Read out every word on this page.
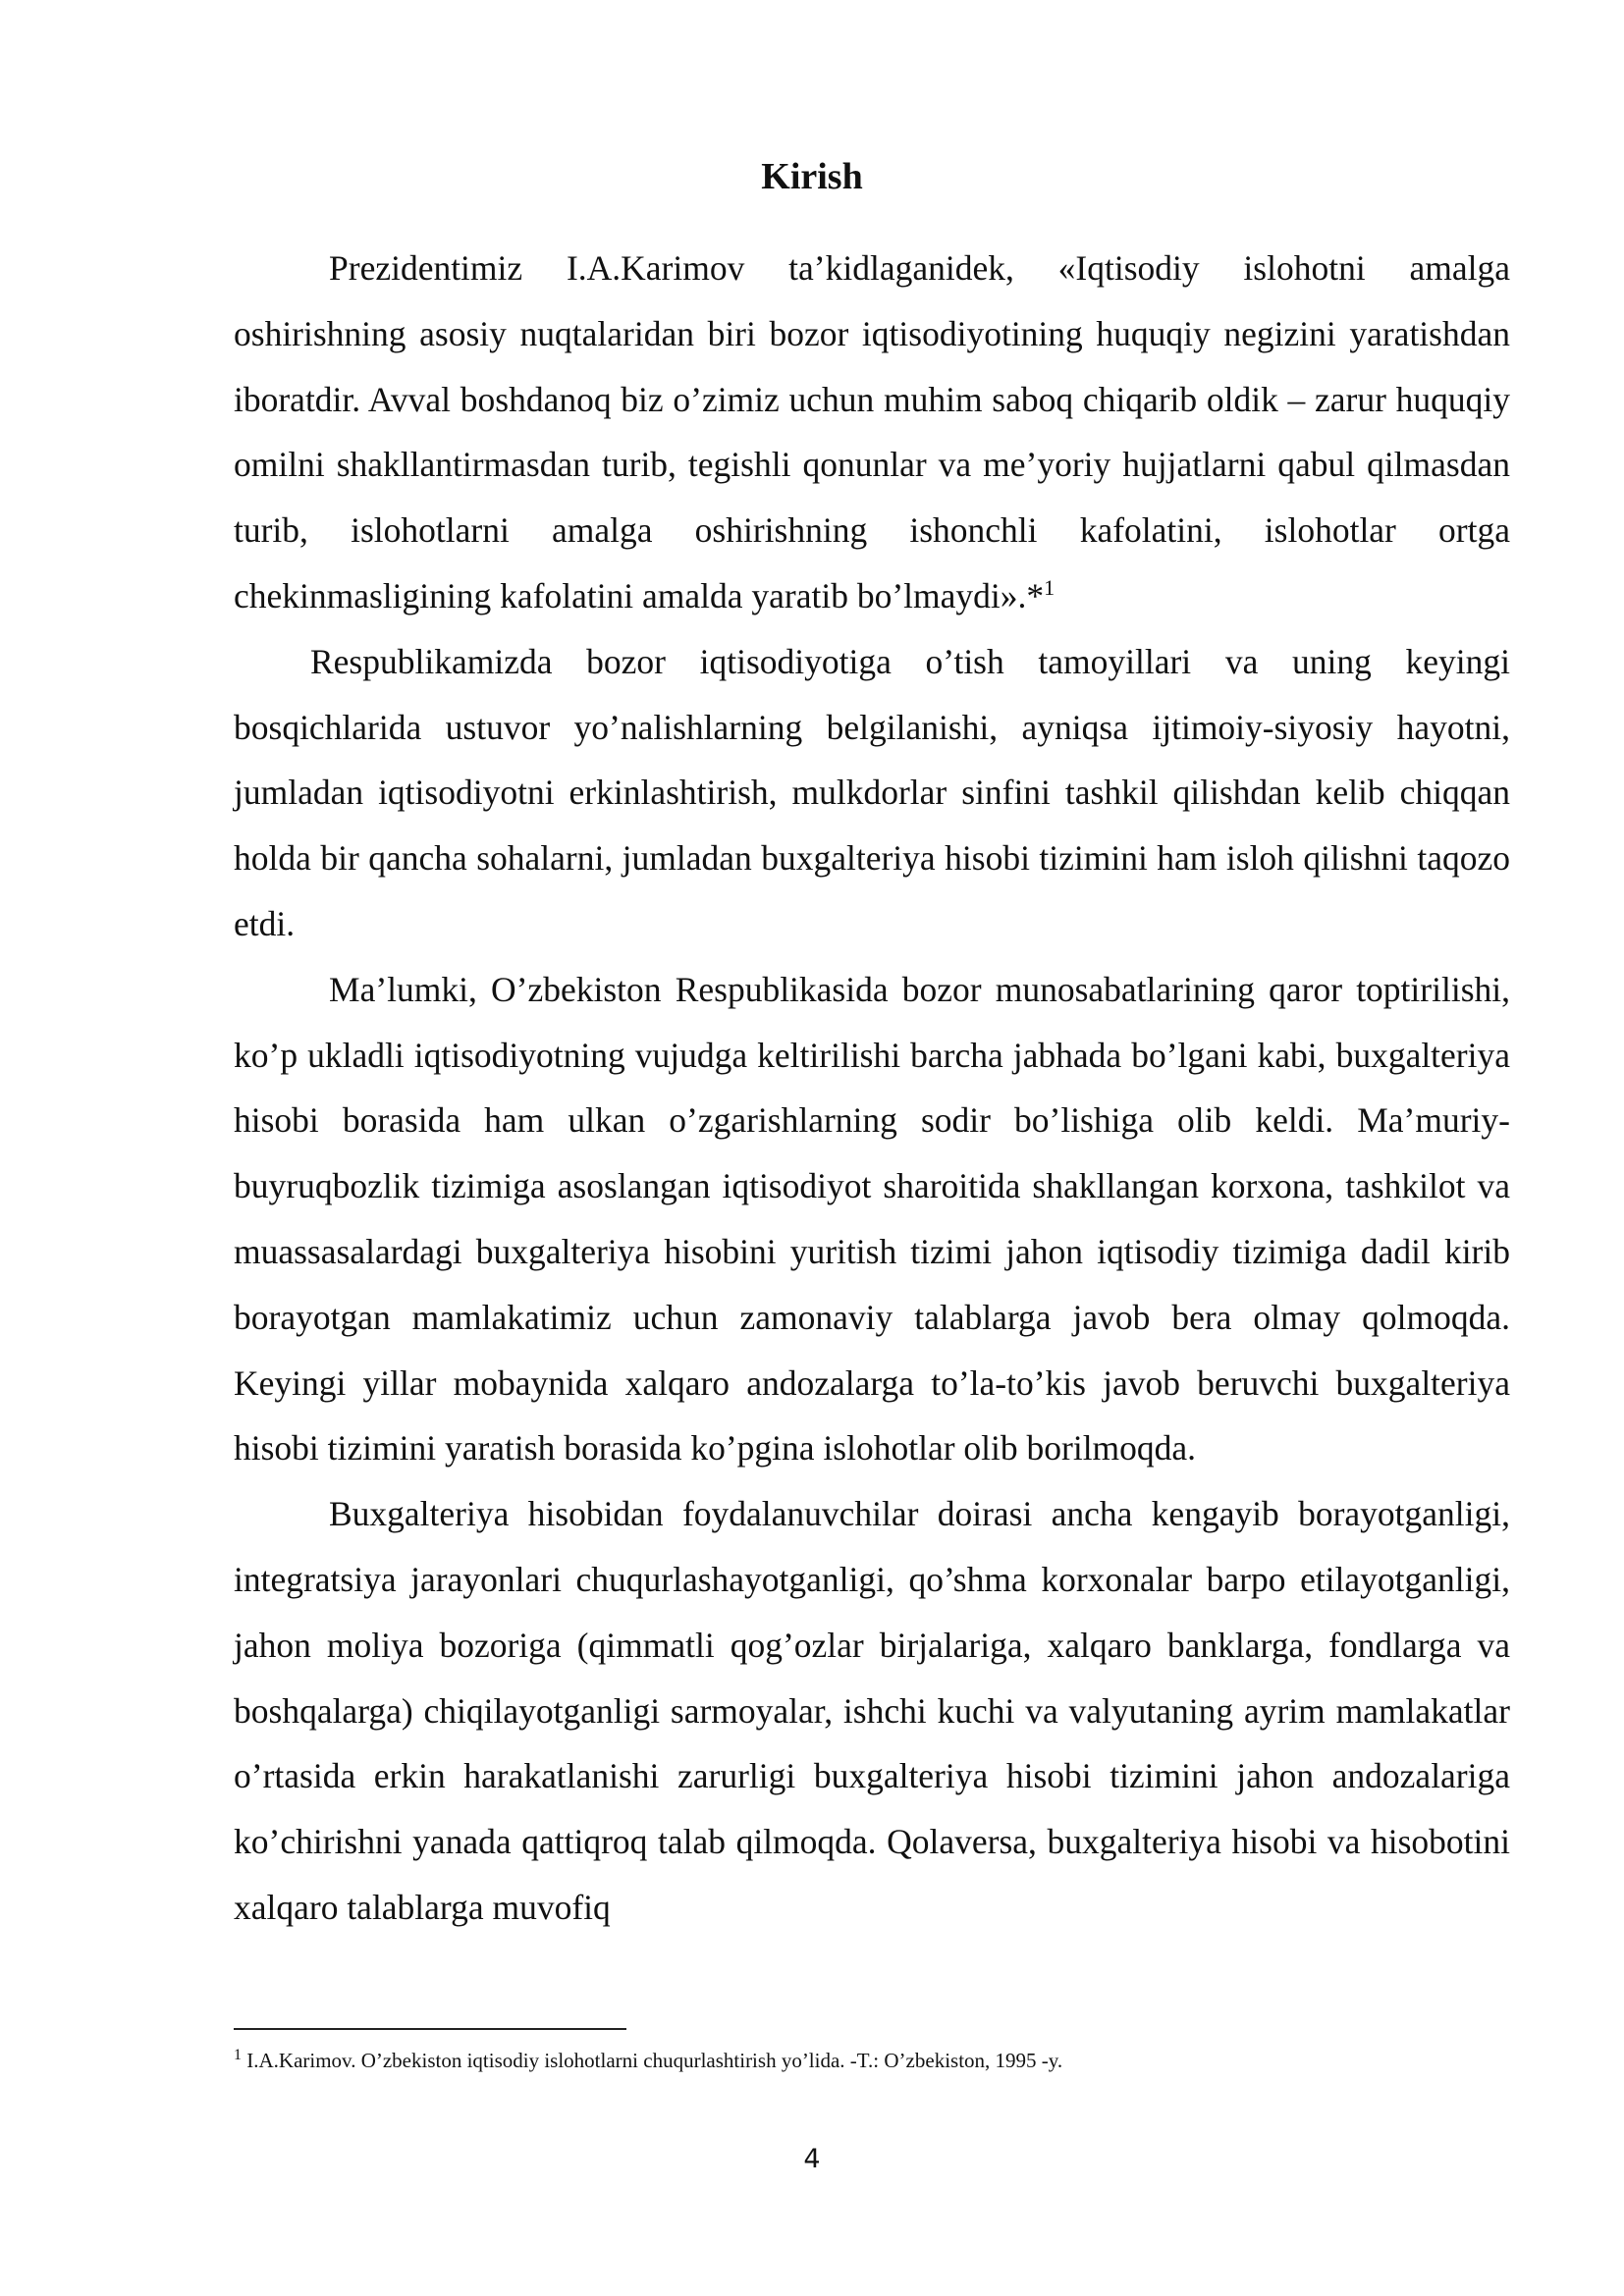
Kirish

Prezidentimiz I.A.Karimov ta’kidlaganidek, «Iqtisodiy islohotni amalga oshirishning asosiy nuqtalaridan biri bozor iqtisodiyotining huquqiy negizini yaratishdan iboratdir. Avval boshdanoq biz o’zimiz uchun muhim saboq chiqarib oldik – zarur huquqiy omilni shakllantirmasdan turib, tegishli qonunlar va me’yoriy hujjatlarni qabul qilmasdan turib, islohotlarni amalga oshirishning ishonchli kafolatini, islohotlar ortga chekinmasligining kafolatini amalda yaratib bo’lmaydi».*$^1$

Respublikamizda bozor iqtisodiyotiga o’tish tamoyillari va uning keyingi bosqichlarida ustuvor yo’nalishlarning belgilanishi, ayniqsa ijtimoiy-siyosiy hayotni, jumladan iqtisodiyotni erkinlashtirish, mulkdorlar sinfini tashkil qilishdan kelib chiqqan holda bir qancha sohalarni, jumladan buxgalteriya hisobi tizimini ham isloh qilishni taqozo etdi.

Ma’lumki, O’zbekiston Respublikasida bozor munosabatlarining qaror toptirilishi, ko’p ukladli iqtisodiyotning vujudga keltirilishi barcha jabhada bo’lgani kabi, buxgalteriya hisobi borasida ham ulkan o’zgarishlarning sodir bo’lishiga olib keldi. Ma’muriy-buyruqbozlik tizimiga asoslangan iqtisodiyot sharoitida shakllangan korxona, tashkilot va muassasalardagi buxgalteriya hisobini yuritish tizimi jahon iqtisodiy tizimiga dadil kirib borayotgan mamlakatimiz uchun zamonaviy talablarga javob bera olmay qolmoqda. Keyingi yillar mobaynida xalqaro andozalarga to’la-to’kis javob beruvchi buxgalteriya hisobi tizimini yaratish borasida ko’pgina islohotlar olib borilmoqda.

Buxgalteriya hisobidan foydalanuvchilar doirasi ancha kengayib borayotganligi, integratsiya jarayonlari chuqurlashayotganligi, qo’shma korxonalar barpo etilayotganligi, jahon moliya bozoriga (qimmatli qog’ozlar birjalariga, xalqaro banklarga, fondlarga va boshqalarga) chiqilayotganligi sarmoyalar, ishchi kuchi va valyutaning ayrim mamlakatlar o’rtasida erkin harakatlanishi zarurligi buxgalteriya hisobi tizimini jahon andozalariga ko’chirishni yanada qattiqroq talab qilmoqda. Qolaversa, buxgalteriya hisobi va hisobotini xalqaro talablarga muvofiq

$^1$ I.A.Karimov. O’zbekiston iqtisodiy islohotlarni chuqurlashtirish yo’lida. -T.: O’zbekiston, 1995 -y.

4
